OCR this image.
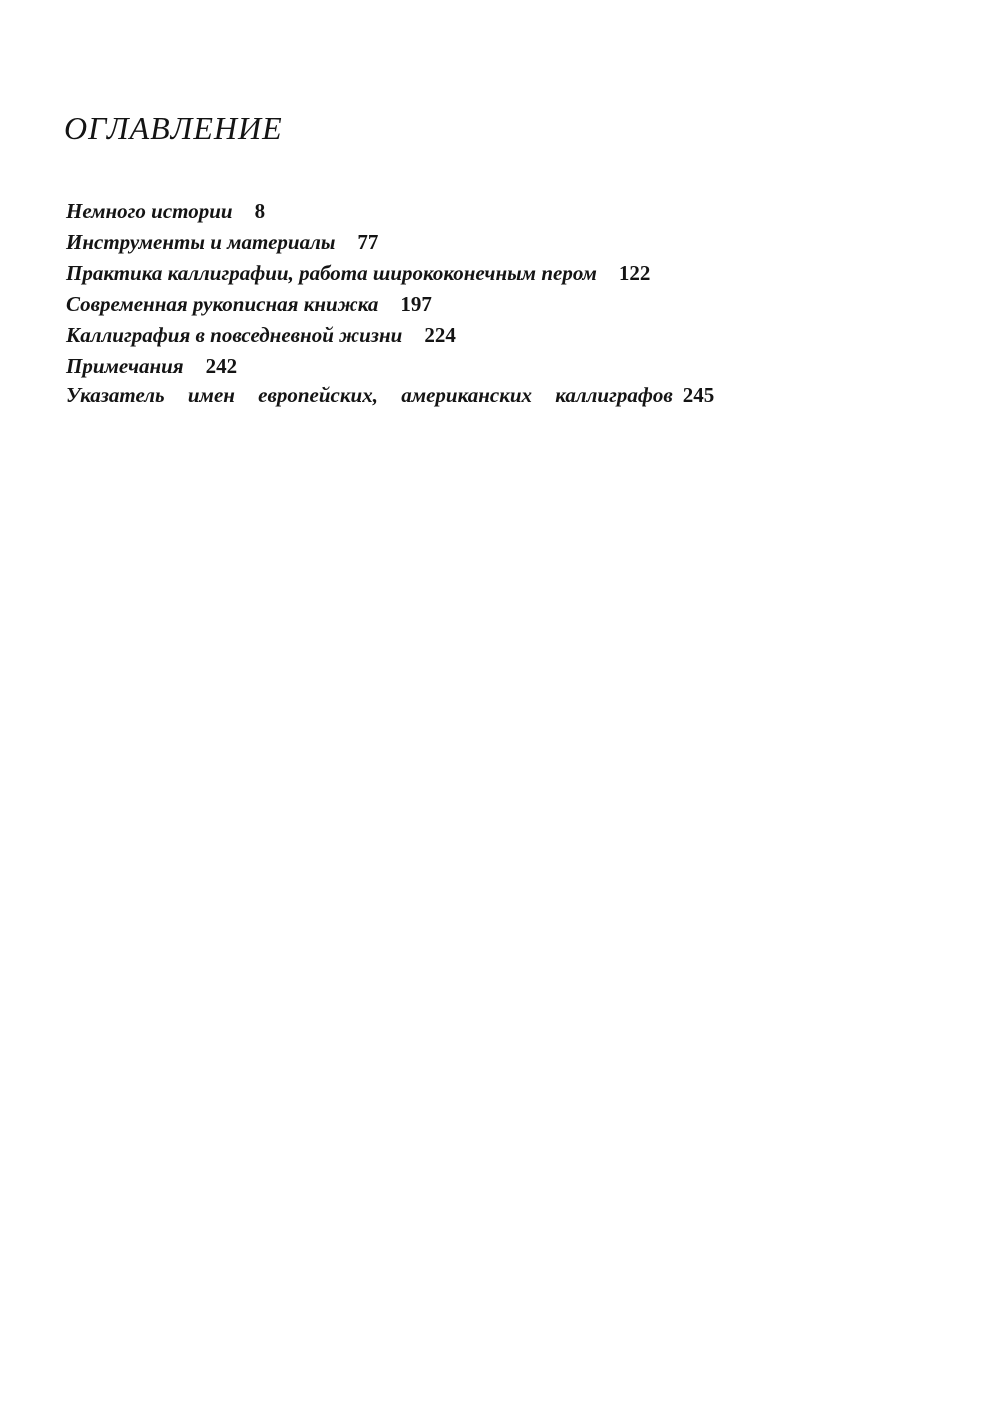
ОГЛАВЛЕНИЕ
Немного истории 8
Инструменты и материалы 77
Практика каллиграфии, работа ширококонечным пером 122
Современная рукописная книжка 197
Каллиграфия в повседневной жизни 224
Примечания 242
Указатель имен европейских, американских каллиграфов 245
